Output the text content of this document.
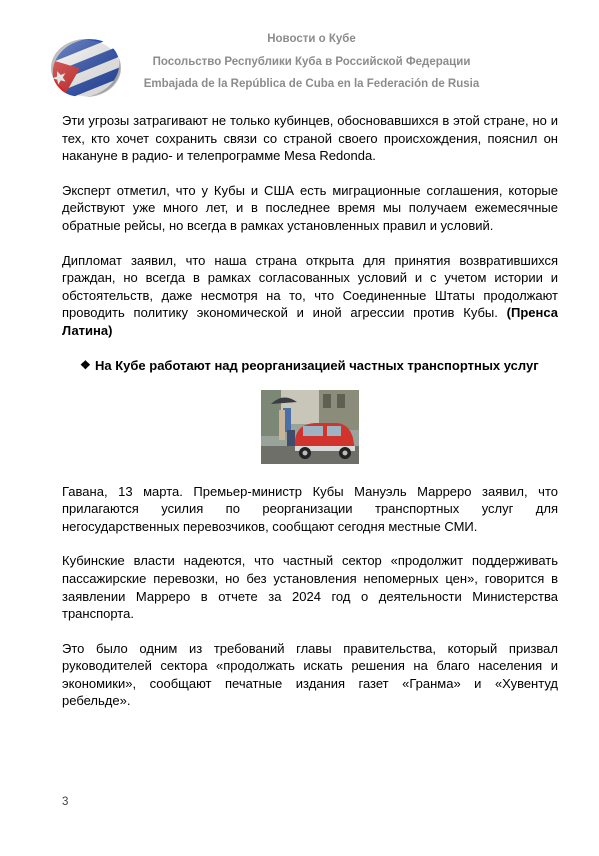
Новости о Кубе
Посольство Республики Куба в Российской Федерации
Embajada de la República de Cuba en la Federación de Rusia

Эти угрозы затрагивают не только кубинцев, обосновавшихся в этой стране, но и тех, кто хочет сохранить связи со страной своего происхождения, пояснил он накануне в радио- и телепрограмме Mesa Redonda.

Эксперт отметил, что у Кубы и США есть миграционные соглашения, которые действуют уже много лет, и в последнее время мы получаем ежемесячные обратные рейсы, но всегда в рамках установленных правил и условий.

Дипломат заявил, что наша страна открыта для принятия возвратившихся граждан, но всегда в рамках согласованных условий и с учетом истории и обстоятельств, даже несмотря на то, что Соединенные Штаты продолжают проводить политику экономической и иной агрессии против Кубы. (Пренса Латина)

❖ На Кубе работают над реорганизацией частных транспортных услуг

Гавана, 13 марта. Премьер-министр Кубы Мануэль Марреро заявил, что прилагаются усилия по реорганизации транспортных услуг для негосударственных перевозчиков, сообщают сегодня местные СМИ.

Кубинские власти надеются, что частный сектор «продолжит поддерживать пассажирские перевозки, но без установления непомерных цен», говорится в заявлении Марреро в отчете за 2024 год о деятельности Министерства транспорта.

Это было одним из требований главы правительства, который призвал руководителей сектора «продолжать искать решения на благо населения и экономики», сообщают печатные издания газет «Гранма» и «Хувентуд ребельде».

3
